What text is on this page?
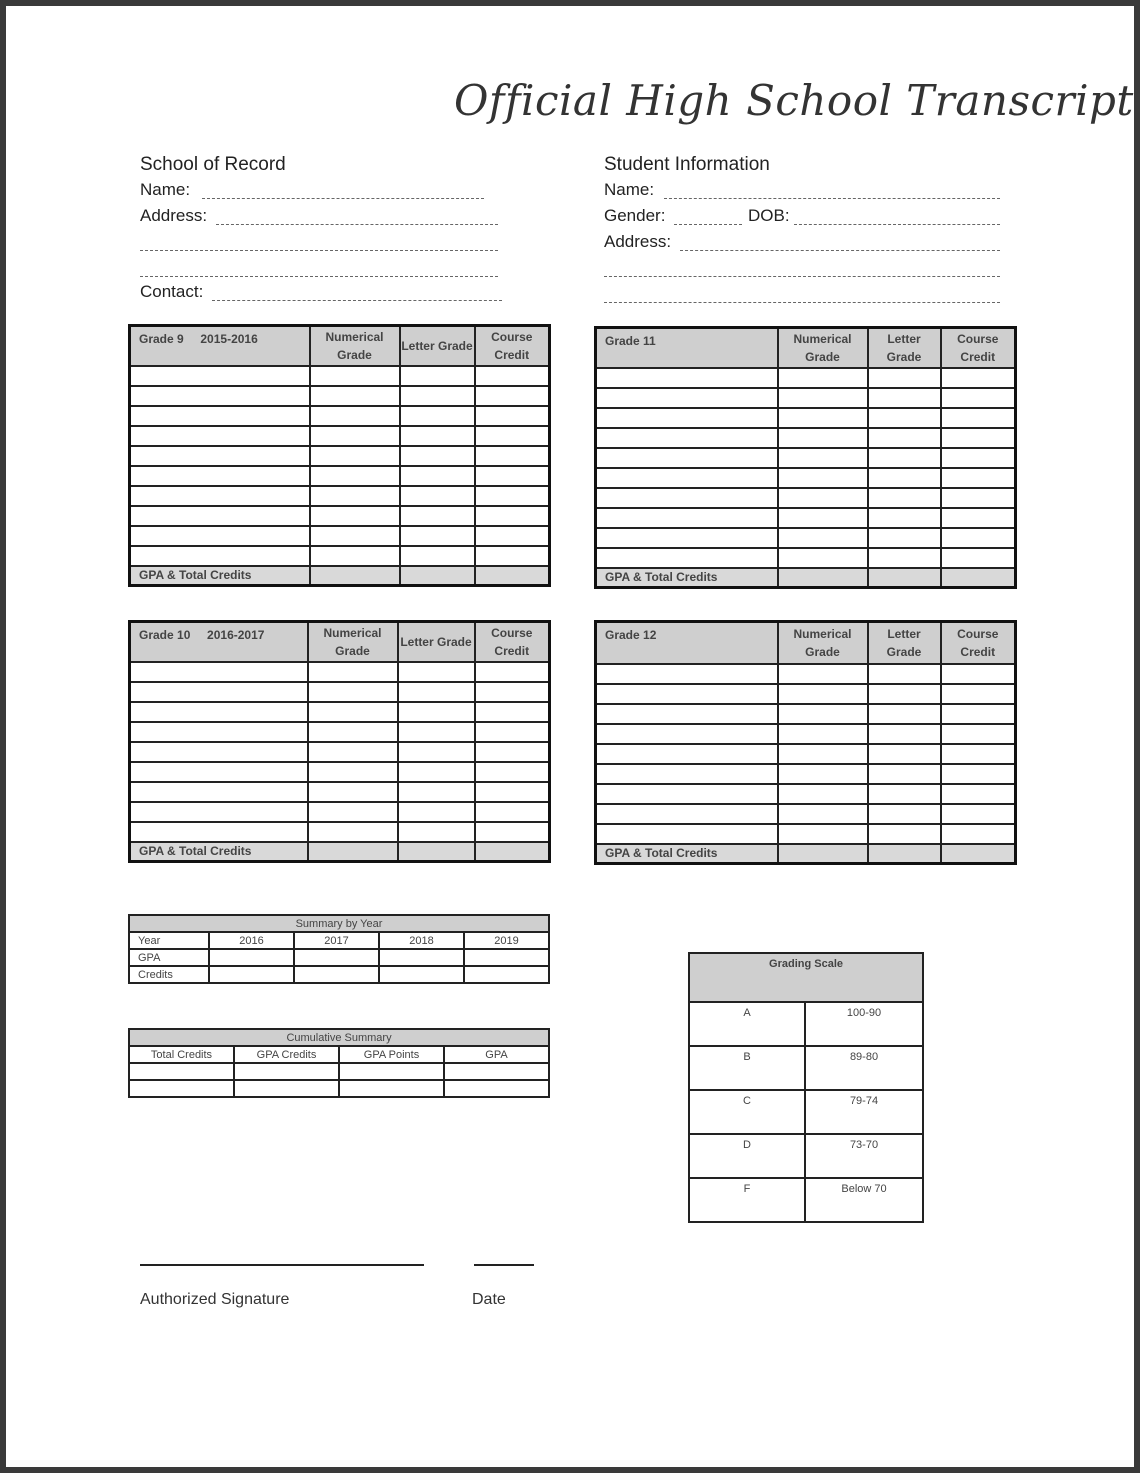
Official High School Transcript
School of Record
Name:
Address:
Contact:
Student Information
Name:
Gender:	DOB:
Address:
Grade 9 2015-2016	Numerical Grade	Letter Grade	Course Credit

GPA & Total Credits			
Grade 11	Numerical Grade	Letter Grade	Course Credit

GPA & Total Credits			
Grade 10 2016-2017	Numerical Grade	Letter Grade	Course Credit

GPA & Total Credits			
Grade 12	Numerical Grade	Letter Grade	Course Credit

GPA & Total Credits			
Summary by Year				
Year	2016	2017	2018	2019
GPA				
Credits				
Cumulative Summary			
Total Credits	GPA Credits	GPA Points	GPA

Grading Scale	
A	100-90
B	89-80
C	79-74
D	73-70
F	Below 70
Authorized Signature	Date
